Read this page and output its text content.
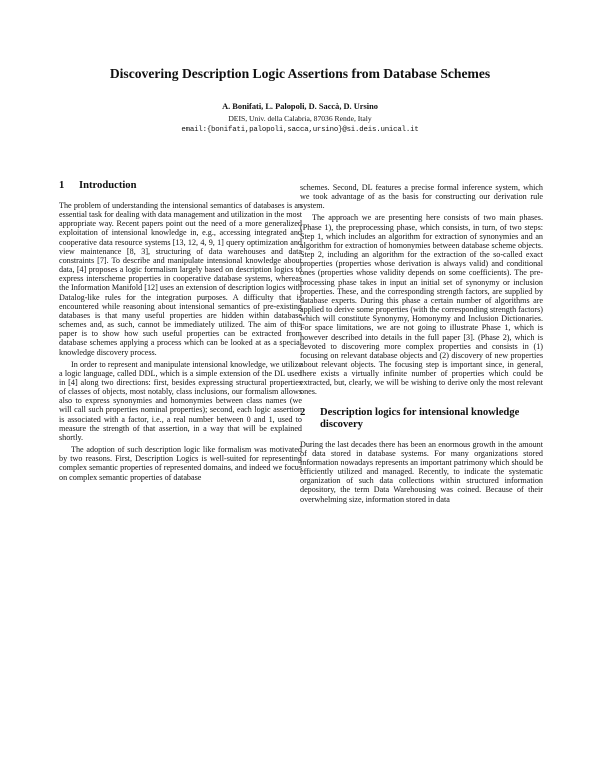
Discovering Description Logic Assertions from Database Schemes
A. Bonifati, L. Palopoli, D. Saccà, D. Ursino
DEIS, Univ. della Calabria, 87036 Rende, Italy
email:{bonifati,palopoli,sacca,ursino}@si.deis.unical.it
1	Introduction

The problem of understanding the intensional semantics of databases is an essential task for dealing with data management and utilization in the most appropriate way. Recent papers point out the need of a more generalized exploitation of intensional knowledge in, e.g., accessing integrated and cooperative data resource systems [13, 12, 4, 9, 1] query optimization and view maintenance [8, 3], structuring of data warehouses and data constraints [7]. To describe and manipulate intensional knowledge about data, [4] proposes a logic formalism largely based on description logics to express interscheme properties in cooperative database systems, whereas the Information Manifold [12] uses an extension of description logics with Datalog-like rules for the integration purposes. A difficulty that is encountered while reasoning about intensional semantics of pre-existing databases is that many useful properties are hidden within database schemes and, as such, cannot be immediately utilized. The aim of this paper is to show how such useful properties can be extracted from database schemes applying a process which can be looked at as a special knowledge discovery process.

In order to represent and manipulate intensional knowledge, we utilize a logic language, called DDL, which is a simple extension of the DL used in [4] along two directions: first, besides expressing structural properties of classes of objects, most notably, class inclusions, our formalism allows also to express synonymies and homonymies between class names (we will call such properties nominal properties); second, each logic assertion is associated with a factor, i.e., a real number between 0 and 1, used to measure the strength of that assertion, in a way that will be explained shortly.

The adoption of such description logic like formalism was motivated by two reasons. First, Description Logics is well-suited for representing complex semantic properties of represented domains, and indeed we focus on complex semantic properties of database

schemes. Second, DL features a precise formal inference system, which we took advantage of as the basis for constructing our derivation rule system.

The approach we are presenting here consists of two main phases. (Phase 1), the preprocessing phase, which consists, in turn, of two steps: Step 1, which includes an algorithm for extraction of synonymies and an algorithm for extraction of homonymies between database scheme objects. Step 2, including an algorithm for the extraction of the so-called exact properties (properties whose derivation is always valid) and conditional ones (properties whose validity depends on some coefficients). The pre-processing phase takes in input an initial set of synonymy or inclusion properties. These, and the corresponding strength factors, are supplied by database experts. During this phase a certain number of algorithms are applied to derive some properties (with the corresponding strength factors) which will constitute Synonymy, Homonymy and Inclusion Dictionaries. For space limitations, we are not going to illustrate Phase 1, which is however described into details in the full paper [3]. (Phase 2), which is devoted to discovering more complex properties and consists in (1) focusing on relevant database objects and (2) discovery of new properties about relevant objects. The focusing step is important since, in general, there exists a virtually infinite number of properties which could be extracted, but, clearly, we will be wishing to derive only the most relevant ones.

2	Description logics for intensional knowledge discovery

During the last decades there has been an enormous growth in the amount of data stored in database systems. For many organizations stored information nowadays represents an important patrimony which should be efficiently utilized and managed. Recently, to indicate the systematic organization of such data collections within structured information depository, the term Data Warehousing was coined. Because of their overwhelming size, information stored in data
